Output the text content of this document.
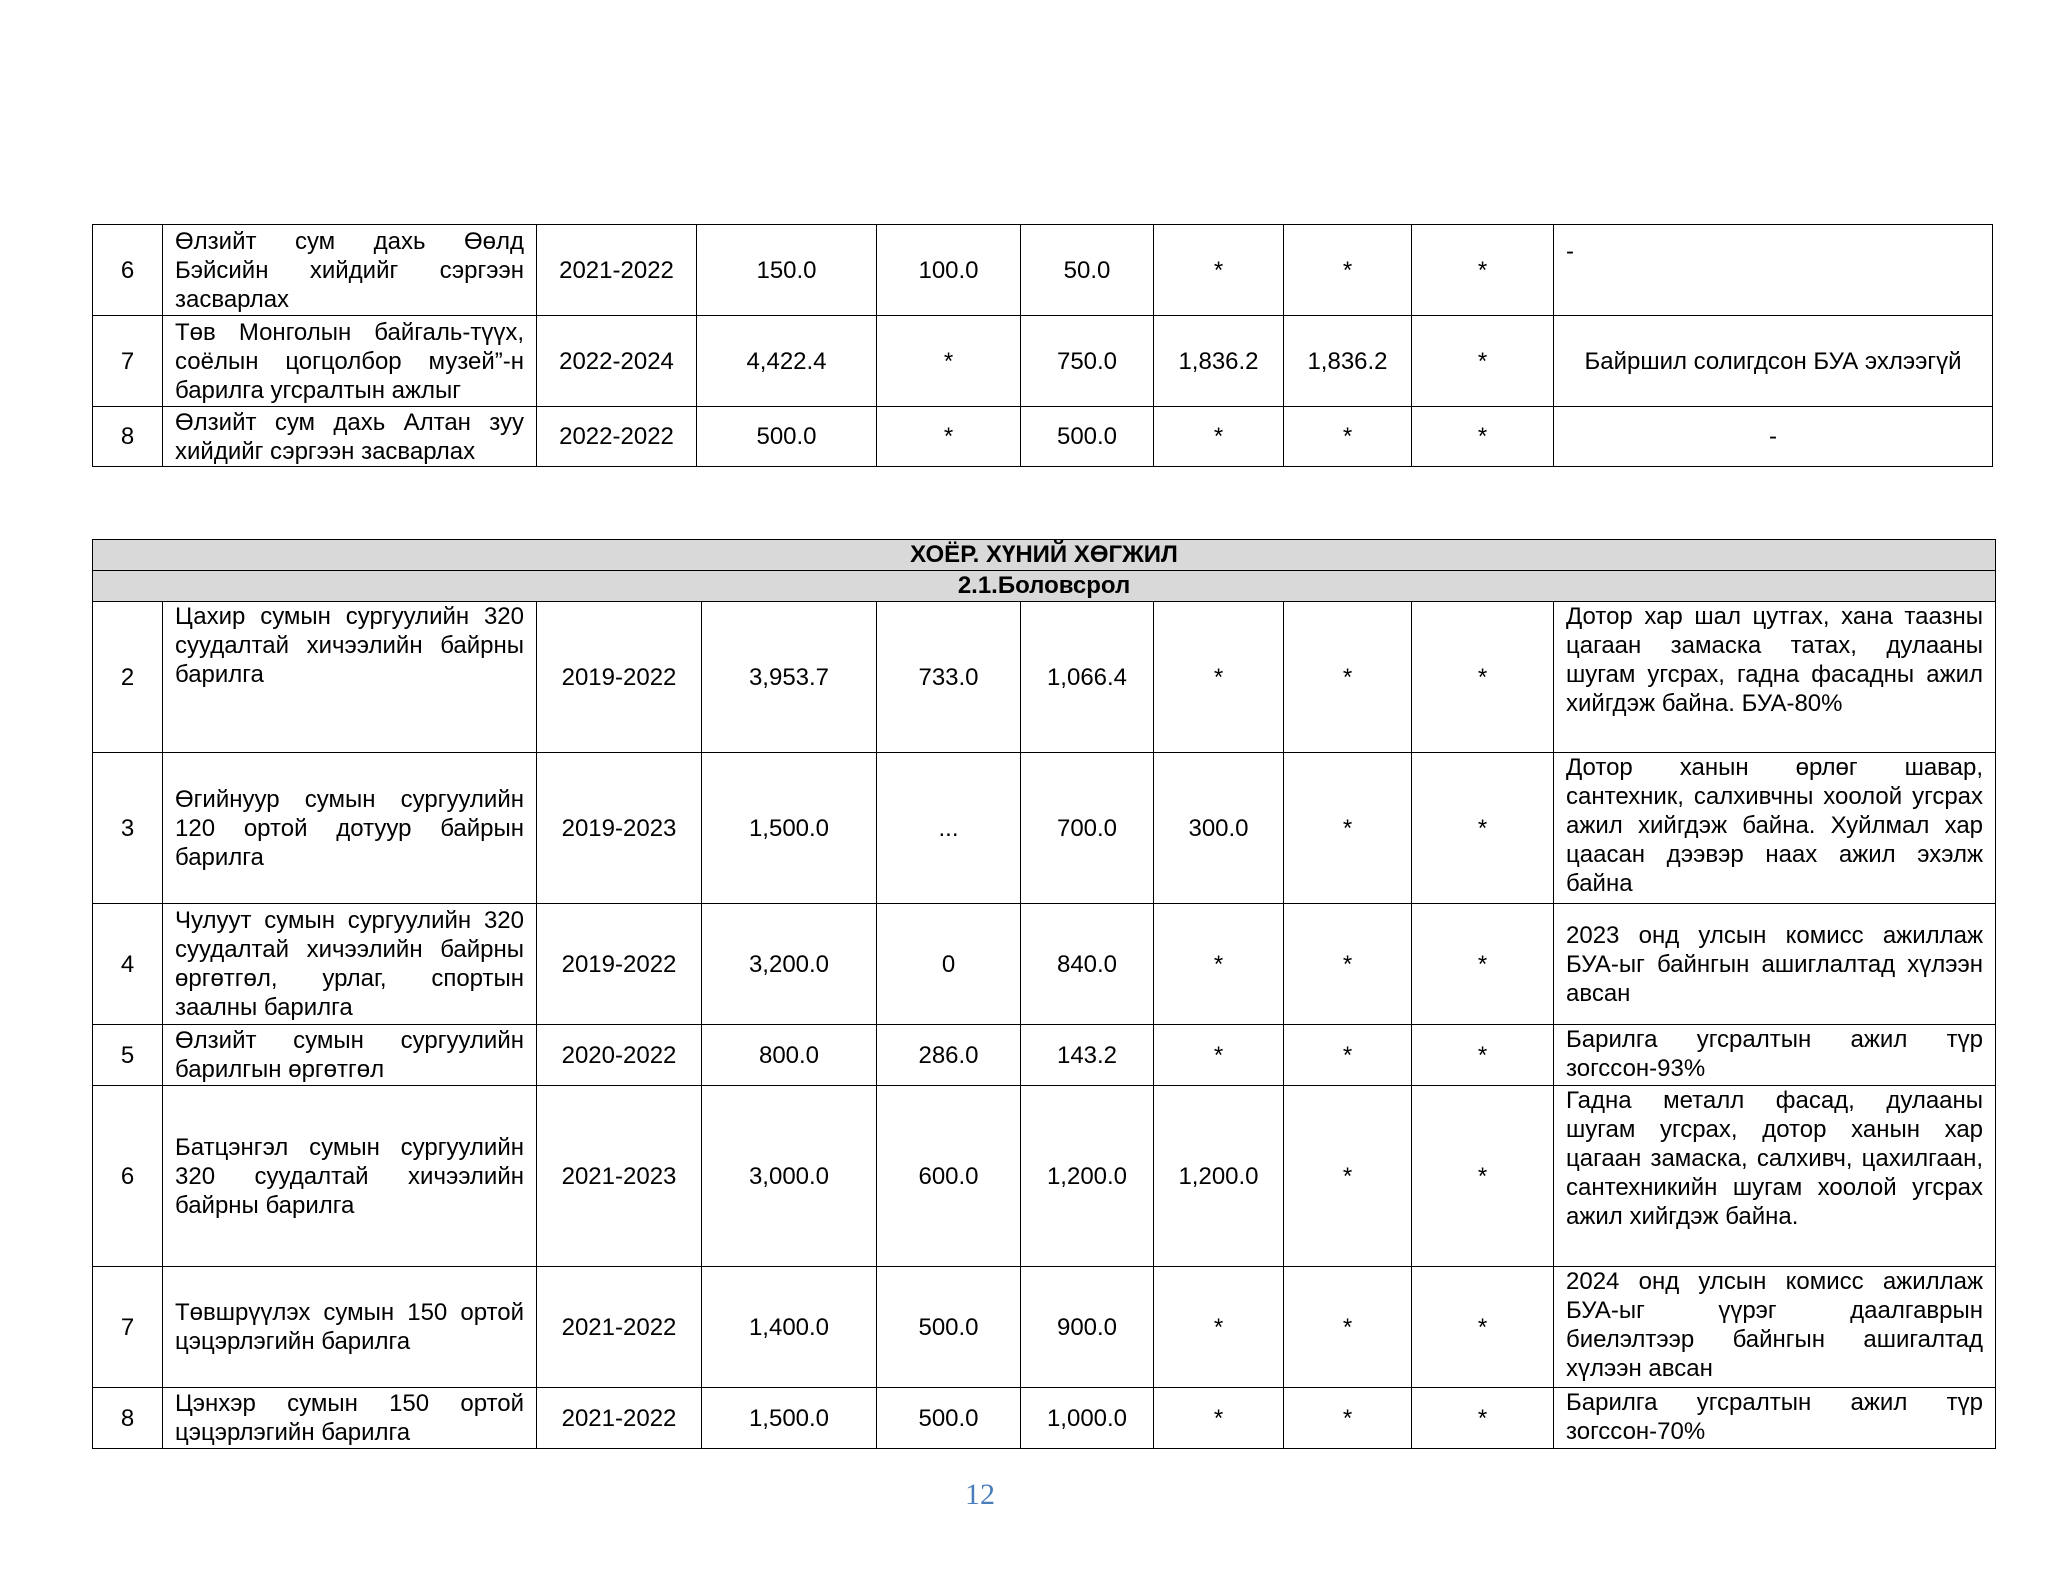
6	Өлзийт сум дахь Өөлд Бэйсийн хийдийг сэргээн засварлах	2021-2022	150.0	100.0	50.0	*	*	*	-
7	Төв Монголын байгаль-түүх, соёлын цогцолбор музей”-н барилга угсралтын ажлыг	2022-2024	4,422.4	*	750.0	1,836.2	1,836.2	*	Байршил солигдсон БУА эхлээгүй
8	Өлзийт сум дахь Алтан зуу хийдийг сэргээн засварлах	2022-2022	500.0	*	500.0	*	*	*	-
ХОЁР. ХҮНИЙ ХӨГЖИЛ									
2.1.Боловсрол									
2	Цахир сумын сургуулийн 320 суудалтай хичээлийн байрны барилга	2019-2022	3,953.7	733.0	1,066.4	*	*	*	Дотор хар шал цутгах, хана таазны цагаан замаска татах, дулааны шугам угсрах, гадна фасадны ажил хийгдэж байна. БУА-80%
3	Өгийнуур сумын сургуулийн 120 ортой дотуур байрын барилга	2019-2023	1,500.0	...	700.0	300.0	*	*	Дотор ханын өрлөг шавар, сантехник, салхивчны хоолой угсрах ажил хийгдэж байна. Хуйлмал хар цаасан дээвэр наах ажил эхэлж байна
4	Чулуут сумын сургуулийн 320 суудалтай хичээлийн байрны өргөтгөл, урлаг, спортын заалны барилга	2019-2022	3,200.0	0	840.0	*	*	*	2023 онд улсын комисс ажиллаж БУА-ыг байнгын ашиглалтад хүлээн авсан
5	Өлзийт сумын сургуулийн барилгын өргөтгөл	2020-2022	800.0	286.0	143.2	*	*	*	Барилга угсралтын ажил түр зогссон-93%
6	Батцэнгэл сумын сургуулийн 320 суудалтай хичээлийн байрны барилга	2021-2023	3,000.0	600.0	1,200.0	1,200.0	*	*	Гадна металл фасад, дулааны шугам угсрах, дотор ханын хар цагаан замаска, салхивч, цахилгаан, сантехникийн шугам хоолой угсрах ажил хийгдэж байна.
7	Төвшрүүлэх сумын 150 ортой цэцэрлэгийн барилга	2021-2022	1,400.0	500.0	900.0	*	*	*	2024 онд улсын комисс ажиллаж БУА-ыг үүрэг даалгаврын биелэлтээр байнгын ашигалтад хүлээн авсан
8	Цэнхэр сумын 150 ортой цэцэрлэгийн барилга	2021-2022	1,500.0	500.0	1,000.0	*	*	*	Барилга угсралтын ажил түр зогссон-70%
12
